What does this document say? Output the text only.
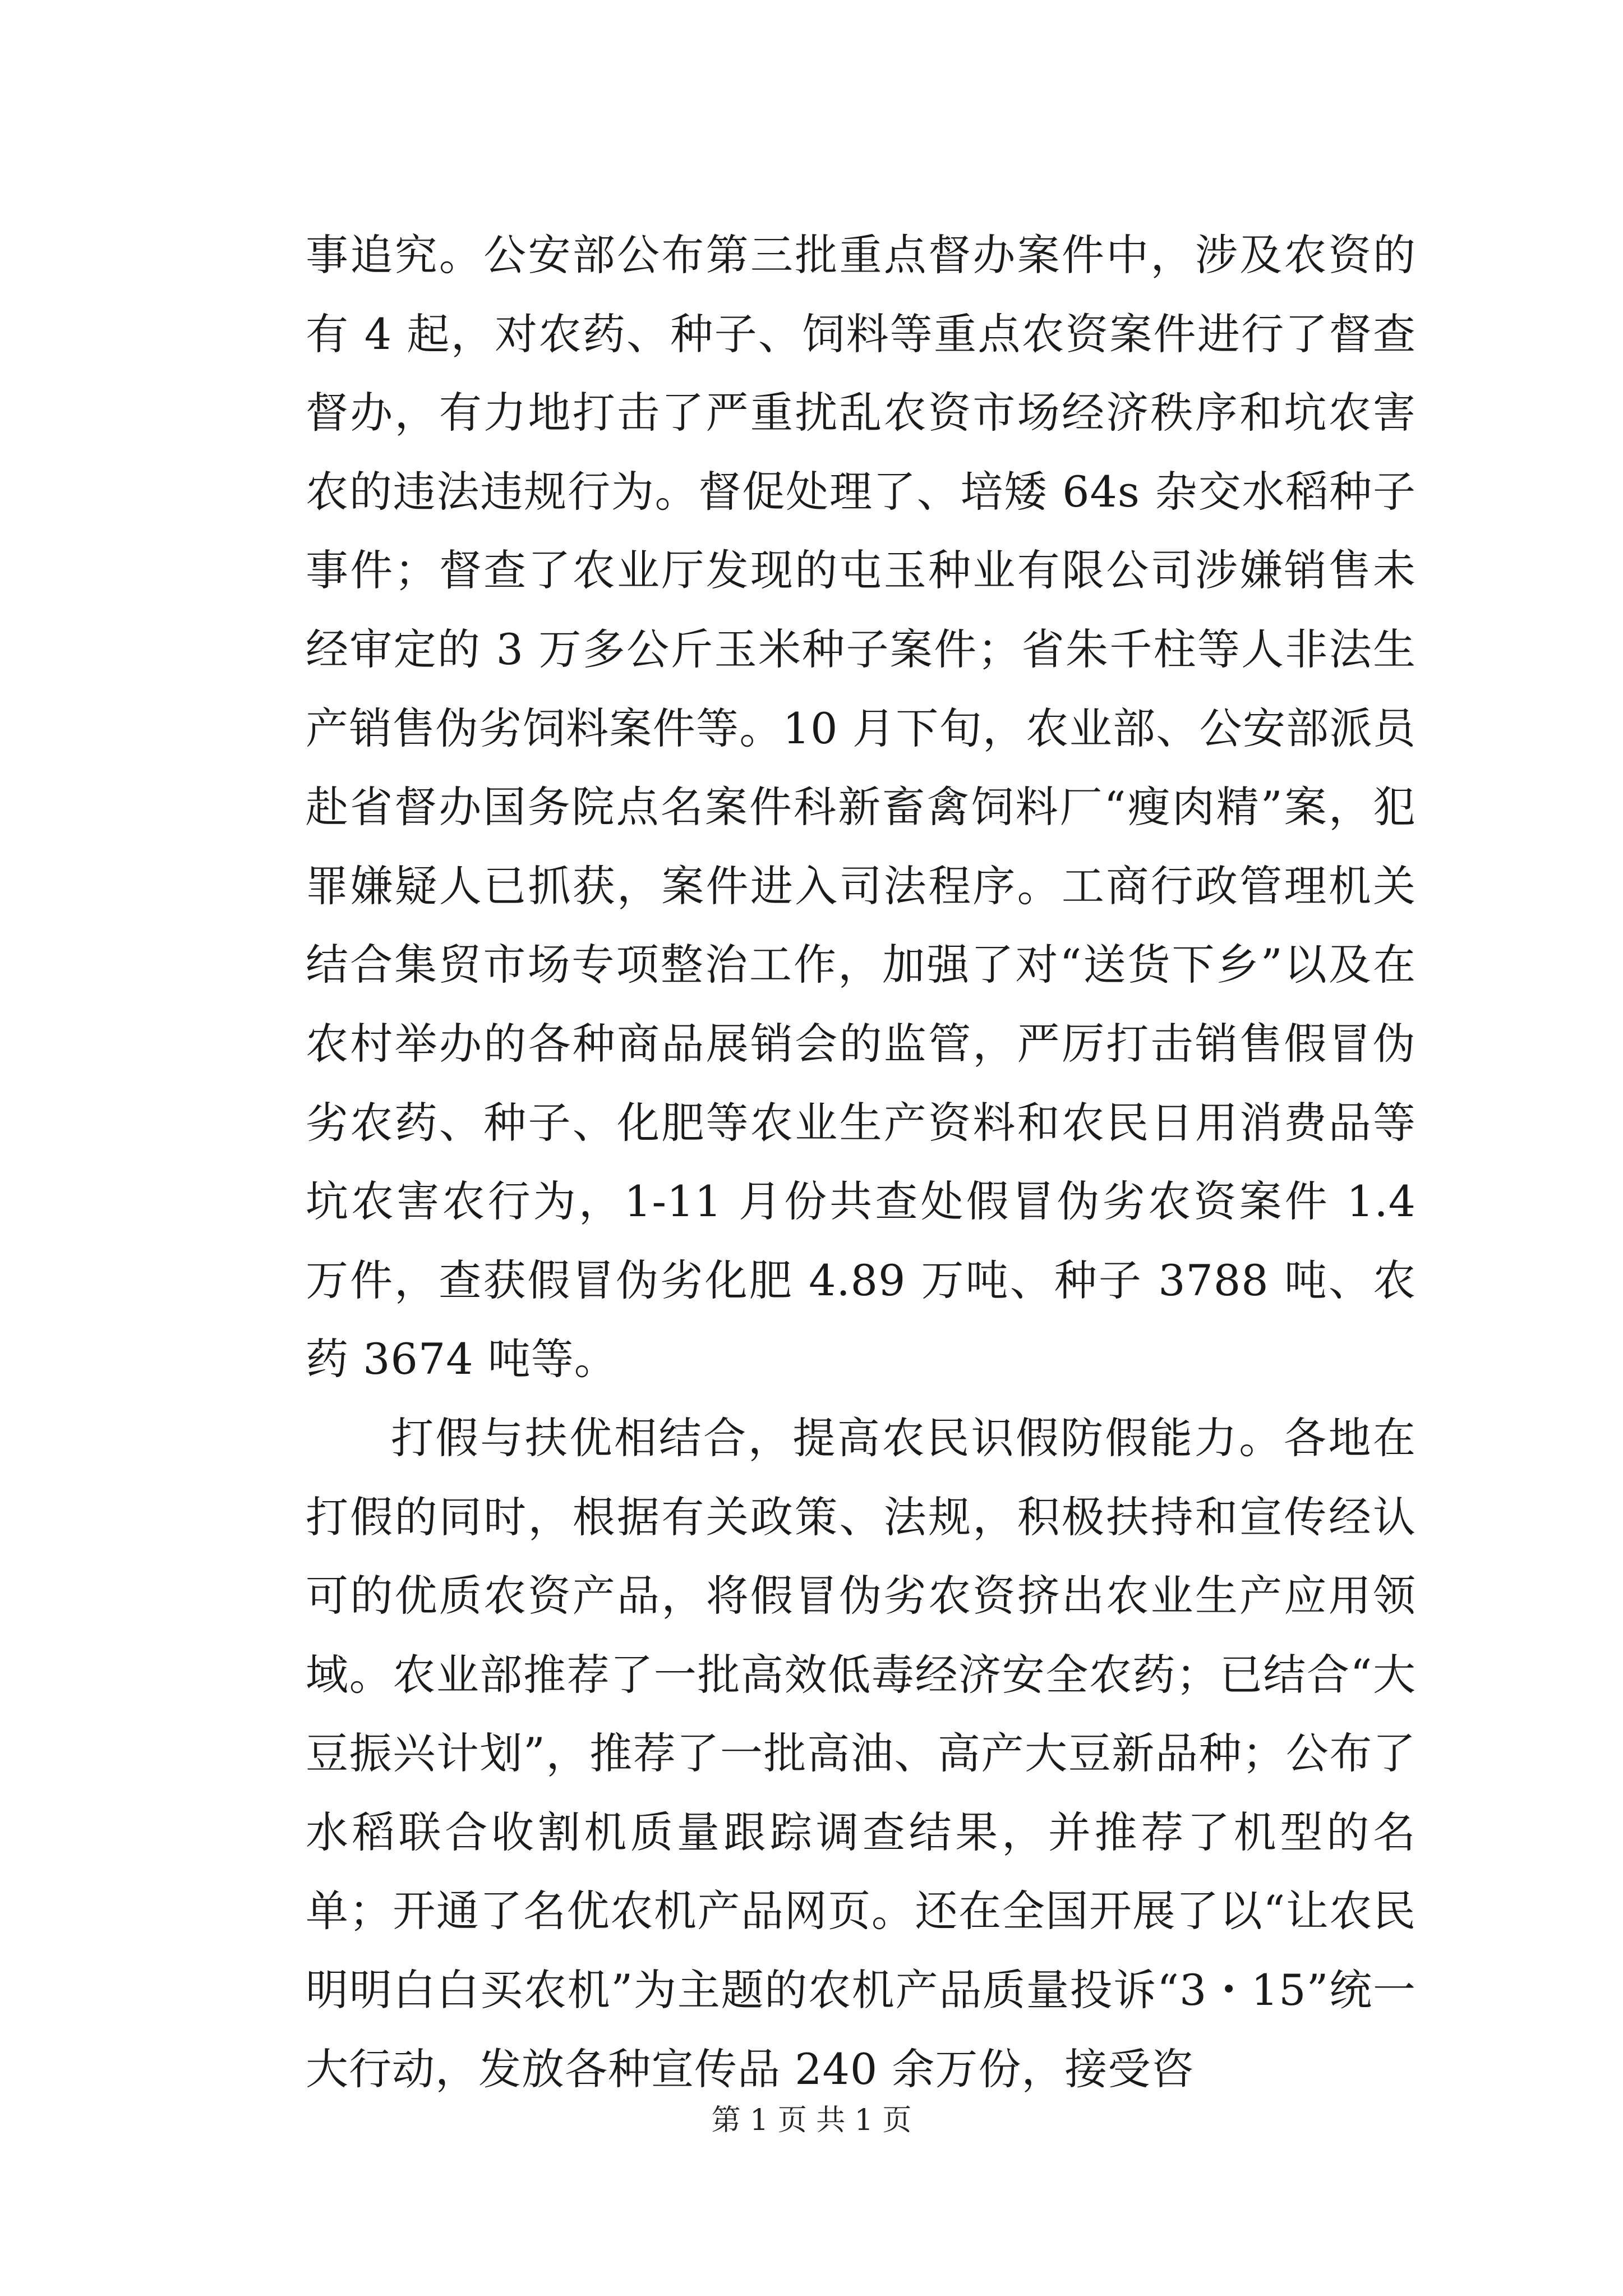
事追究。公安部公布第三批重点督办案件中，涉及农资的有 4 起，对农药、种子、饲料等重点农资案件进行了督查督办，有力地打击了严重扰乱农资市场经济秩序和坑农害农的违法违规行为。督促处理了、培矮 64s 杂交水稻种子事件；督查了农业厅发现的屯玉种业有限公司涉嫌销售未经审定的 3 万多公斤玉米种子案件；省朱千柱等人非法生产销售伪劣饲料案件等。10 月下旬，农业部、公安部派员赴省督办国务院点名案件科新畜禽饲料厂“瘦肉精”案，犯罪嫌疑人已抓获，案件进入司法程序。工商行政管理机关结合集贸市场专项整治工作，加强了对“送货下乡”以及在农村举办的各种商品展销会的监管，严厉打击销售假冒伪劣农药、种子、化肥等农业生产资料和农民日用消费品等坑农害农行为，1-11 月份共查处假冒伪劣农资案件 1.4 万件，查获假冒伪劣化肥 4.89 万吨、种子 3788 吨、农药 3674 吨等。

打假与扶优相结合，提高农民识假防假能力。各地在打假的同时，根据有关政策、法规，积极扶持和宣传经认可的优质农资产品，将假冒伪劣农资挤出农业生产应用领域。农业部推荐了一批高效低毒经济安全农药；已结合“大豆振兴计划”，推荐了一批高油、高产大豆新品种；公布了水稻联合收割机质量跟踪调查结果，并推荐了机型的名单；开通了名优农机产品网页。还在全国开展了以“让农民明明白白买农机”为主题的农机产品质量投诉“3・15”统一大行动，发放各种宣传品 240 余万份，接受咨

第 1 页 共 1 页
